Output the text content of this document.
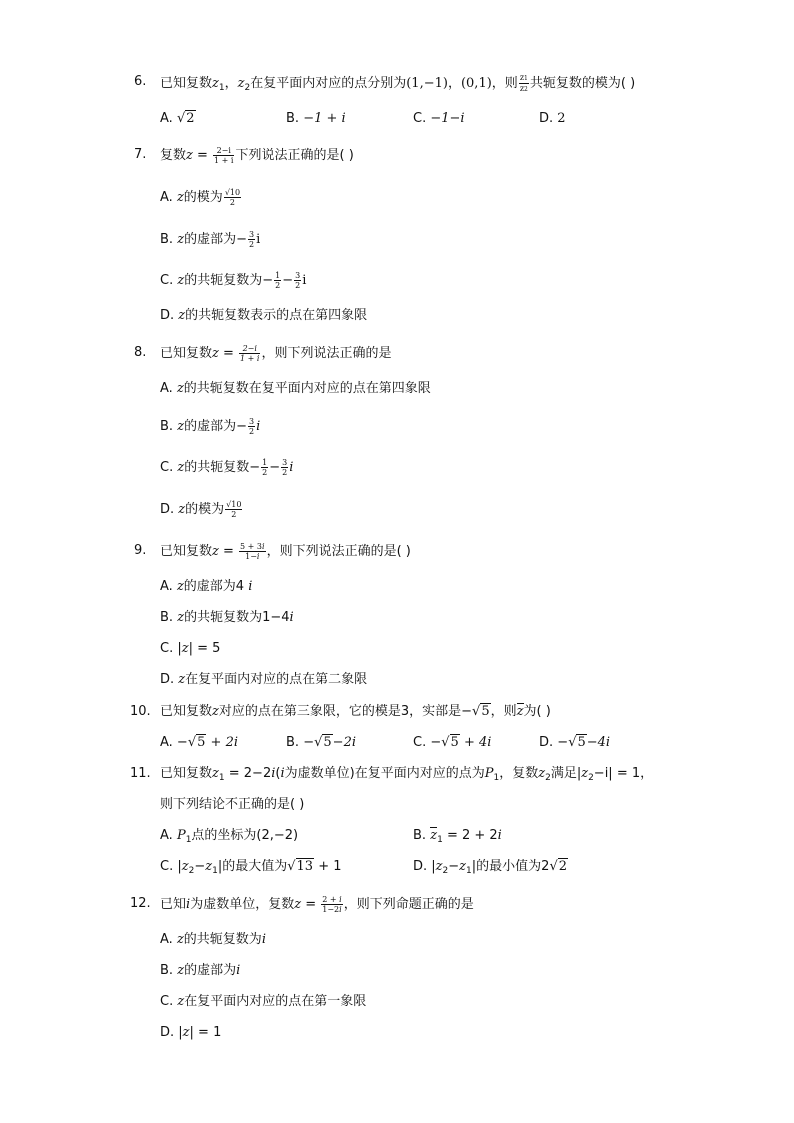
6. 已知复数$z_1$，$z_2$在复平面内对应的点分别为(1,−1)，(0,1)，则 $\frac{z1}{z2}$ 共轭复数的模为( )
A. √2	B. −1 + i	C. −1−i	D. 2
7. 复数$z = \frac{2-i}{1 + i}$ 下列说法正确的是( )
A. z的模为 $\frac{√10}{2}$
B. z的虚部为− $\frac{3}{2}$ i
C. z的共轭复数为− $\frac{1}{2} - \frac{3}{2}$ i
D. z的共轭复数表示的点在第四象限
8. 已知复数$z = \frac{2-i}{1 + i}$ ，则下列说法正确的是
A. z的共轭复数在复平面内对应的点在第四象限
B. z的虚部为− $\frac{3}{2}$ i
C. z的共轭复数− $\frac{1}{2} - \frac{3}{2}$ i
D. z的模为 $\frac{√10}{2}$
9. 已知复数$z = \frac{5 + 3i}{1-i}$ ，则下列说法正确的是( )
A. z的虚部为4 i
B. z的共轭复数为1−4i
C. |z| = 5
D. z在复平面内对应的点在第二象限
10. 已知复数z对应的点在第三象限，它的模是3，实部是−√5，则z为( )
A. −√5 + 2i	B. −√5−2i	C. −√5 + 4i	D. −√5−4i
11. 已知复数$z_1 = 2-2i(i$为虚数单位)在复平面内对应的点为$P_1$，复数$z_2$满足$|z_2-i| = 1$，
则下列结论不正确的是( )
A. $P_1$点的坐标为(2,−2)	B. $z_1 = 2 + 2i$
C. $|z_2-z_1|$的最大值为√13 + 1	D. $|z_2-z_1|$的最小值为2√2
12. 已知i为虚数单位，复数$z = \frac{2 + i}{1-2i}$ ，则下列命题正确的是
A. z的共轭复数为i
B. z的虚部为i
C. z在复平面内对应的点在第一象限
D. |z| = 1
